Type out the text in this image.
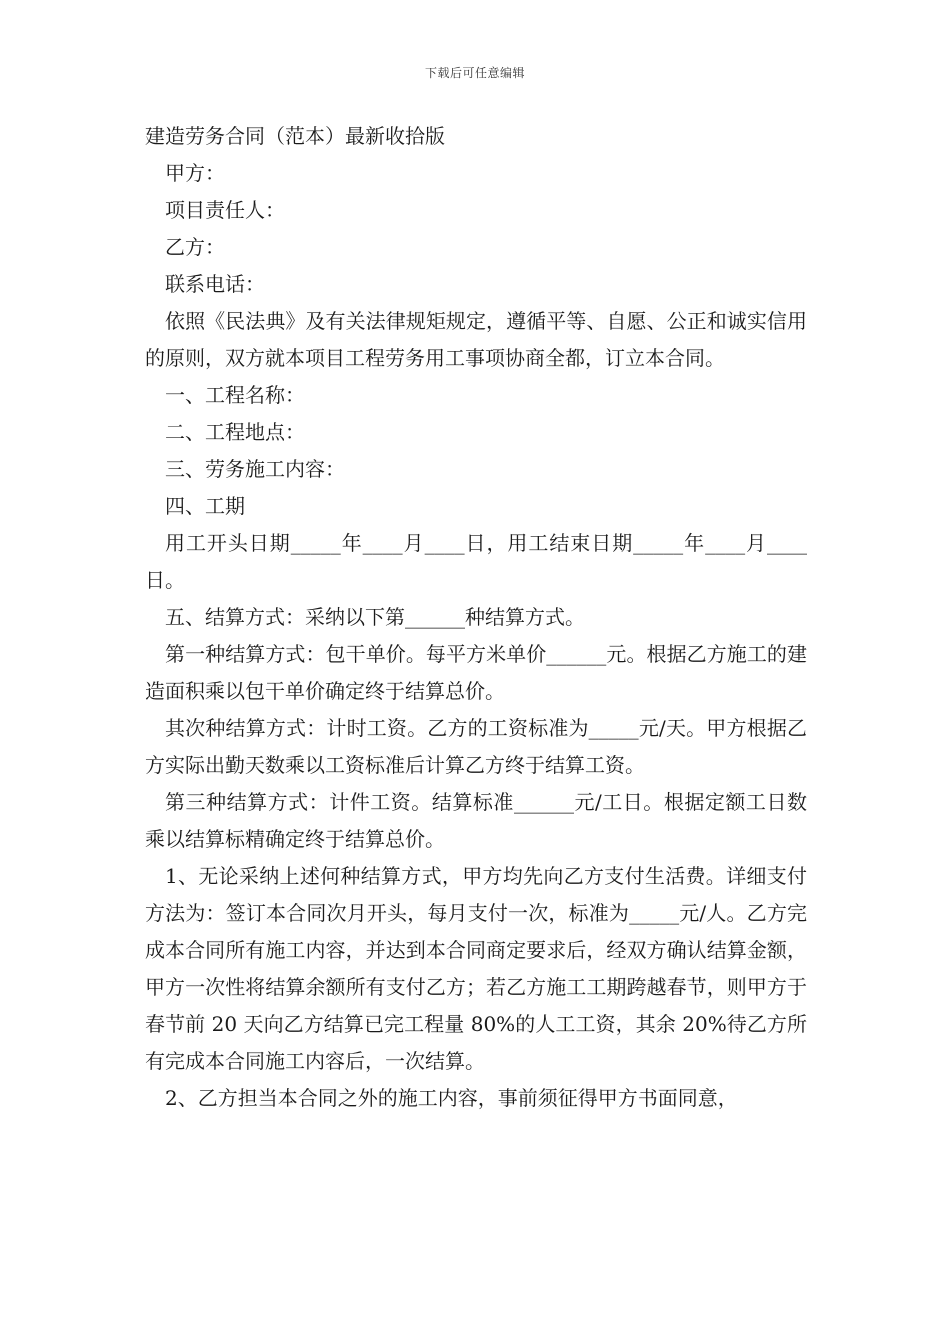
下载后可任意编辑

建造劳务合同（范本）最新收拾版

甲方：

项目责任人：

乙方：

联系电话：

依照《民法典》及有关法律规矩规定，遵循平等、自愿、公正和诚实信用的原则，双方就本项目工程劳务用工事项协商全都，订立本合同。

一、工程名称：

二、工程地点：

三、劳务施工内容：

四、工期

用工开头日期_____年____月____日，用工结束日期_____年____月____日。

五、结算方式：采纳以下第______种结算方式。

第一种结算方式：包干单价。每平方米单价______元。根据乙方施工的建造面积乘以包干单价确定终于结算总价。

其次种结算方式：计时工资。乙方的工资标准为_____元/天。甲方根据乙方实际出勤天数乘以工资标准后计算乙方终于结算工资。

第三种结算方式：计件工资。结算标准______元/工日。根据定额工日数乘以结算标精确定终于结算总价。

1、无论采纳上述何种结算方式，甲方均先向乙方支付生活费。详细支付方法为：签订本合同次月开头，每月支付一次，标准为_____元/人。乙方完成本合同所有施工内容，并达到本合同商定要求后，经双方确认结算金额，甲方一次性将结算余额所有支付乙方；若乙方施工工期跨越春节，则甲方于春节前 20 天向乙方结算已完工程量 80%的人工工资，其余 20%待乙方所有完成本合同施工内容后，一次结算。

2、乙方担当本合同之外的施工内容，事前须征得甲方书面同意，
